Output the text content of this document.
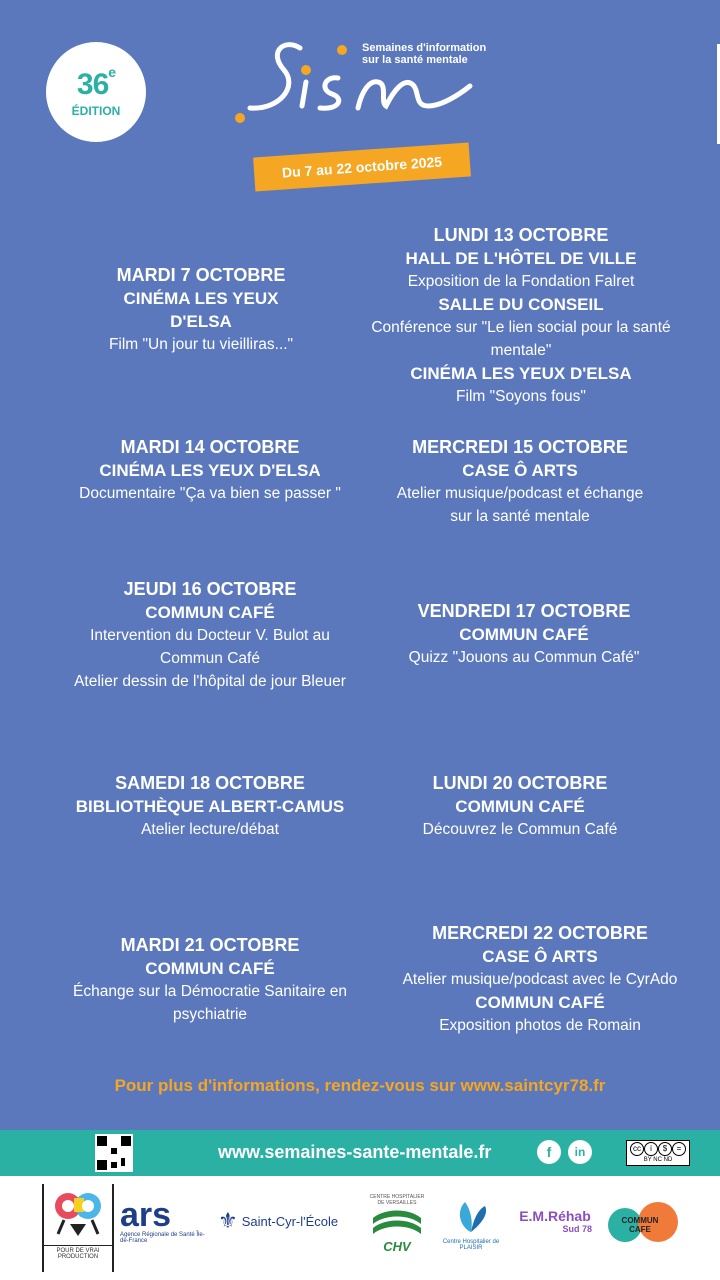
36e
ÉDITION
Semaines d'information
sur la santé mentale
Du 7 au 22 octobre 2025
MARDI 7 OCTOBRE
CINÉMA LES YEUX D'ELSA
Film "Un jour tu vieilliras..."
LUNDI 13 OCTOBRE
HALL DE L'HÔTEL DE VILLE
Exposition de la Fondation Falret
SALLE DU CONSEIL
Conférence sur "Le lien social pour la santé mentale"
CINÉMA LES YEUX D'ELSA
Film "Soyons fous"
MARDI 14 OCTOBRE
CINÉMA LES YEUX D'ELSA
Documentaire "Ça va bien se passer "
MERCREDI 15 OCTOBRE
CASE Ô ARTS
Atelier musique/podcast et échange sur la santé mentale
JEUDI 16 OCTOBRE
COMMUN CAFÉ
Intervention du Docteur V. Bulot au Commun Café
Atelier dessin de l'hôpital de jour Bleuer
VENDREDI 17 OCTOBRE
COMMUN CAFÉ
Quizz "Jouons au Commun Café"
SAMEDI 18 OCTOBRE
BIBLIOTHÈQUE ALBERT-CAMUS
Atelier lecture/débat
LUNDI 20 OCTOBRE
COMMUN CAFÉ
Découvrez le Commun Café
MARDI 21 OCTOBRE
COMMUN CAFÉ
Échange sur la Démocratie Sanitaire en psychiatrie
MERCREDI 22 OCTOBRE
CASE Ô ARTS
Atelier musique/podcast avec le CyrAdo
COMMUN CAFÉ
Exposition photos de Romain
Pour plus d'informations, rendez-vous sur www.saintcyr78.fr
www.semaines-sante-mentale.fr	f	in	cc i $ =
BY NC ND
POUR DE VRAI PRODUCTION
ars
Agence Régionale de Santé Île-de-France
⚜ Saint-Cyr-l'École
CENTRE HOSPITALIER DE VERSAILLES
CHV	Centre Hospitalier de PLAISIR
E.M.Réhab
Sud 78
COMMUN CAFE
